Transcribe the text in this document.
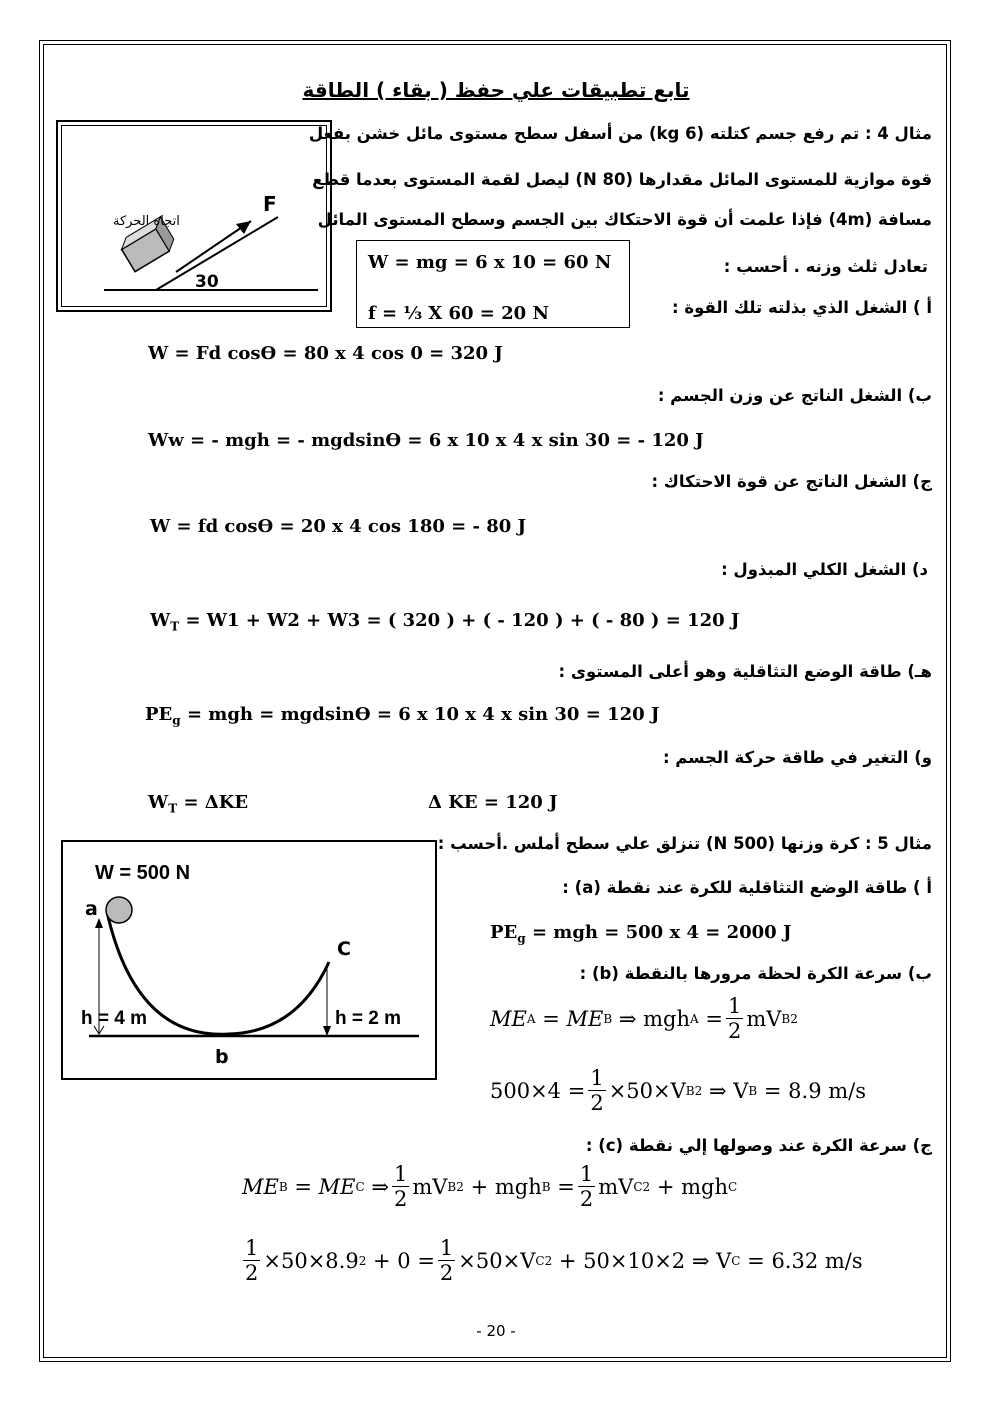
تابع تطبيقات علي حفظ ( بقاء ) الطاقة
F
اتجاه الحركة
30
مثال 4 : تم رفع جسم كتلته (6 kg) من أسفل سطح مستوى مائل خشن بفعل
قوة موازية للمستوى المائل مقدارها (80 N) ليصل لقمة المستوى بعدما قطع
مسافة (4m) فإذا علمت أن قوة الاحتكاك بين الجسم وسطح المستوى المائل
تعادل ثلث وزنه . أحسب :
W = mg = 6 x 10 = 60 N
f = ⅓ X 60 = 20 N	أ ) الشغل الذي بذلته تلك القوة :
W = Fd cosϴ = 80 x 4 cos 0 = 320 J
ب) الشغل الناتج عن وزن الجسم :
Ww = - mgh = - mgdsinϴ = 6 x 10 x 4 x sin 30 = - 120 J
ج) الشغل الناتج عن قوة الاحتكاك :
W = fd cosϴ = 20 x 4 cos 180 = - 80 J
د) الشغل الكلي المبذول :
$W_T = W1 + W2 + W3$ = ( 320 ) + ( - 120 ) + ( - 80 ) = 120 J
هـ) طاقة الوضع التثاقلية وهو أعلى المستوى :
$PE_g$ = mgh = mgdsinϴ = 6 x 10 x 4 x sin 30 = 120 J
و) التغير في طاقة حركة الجسم :
$W_T = \Delta KE$	Δ KE = 120 J
مثال 5 : كرة وزنها (500 N) تنزلق علي سطح أملس .أحسب :
W = 500 N
a
C
h = 4 m	h = 2 m
b
أ ) طاقة الوضع التثاقلية للكرة عند نقطة (a) :
$PE_g$ = mgh = 500 x 4 = 2000 J
ب) سرعة الكرة لحظة مرورها بالنقطة (b) :
ME A
= ME B
⇒ mgh A
= $\frac{1}{2}$ mV B 2
$500\times 4 = \frac{1}{2} \times 50\times V$ B 2
⇒ V B
= 8.9 m/s
ج) سرعة الكرة عند وصولها إلي نقطة (c) :
ME B
= ME C
⇒ $\frac{1}{2}$ mV B 2
+ mgh B
= $\frac{1}{2}$ mV C 2
+ mgh C
$\frac{1}{2} \times 50\times 8.9$ 2
+ $0 = \frac{1}{2} \times 50\times V$ C 2
+ 50×10×2 ⇒ V C
= 6.32 m/s
- 20 -
